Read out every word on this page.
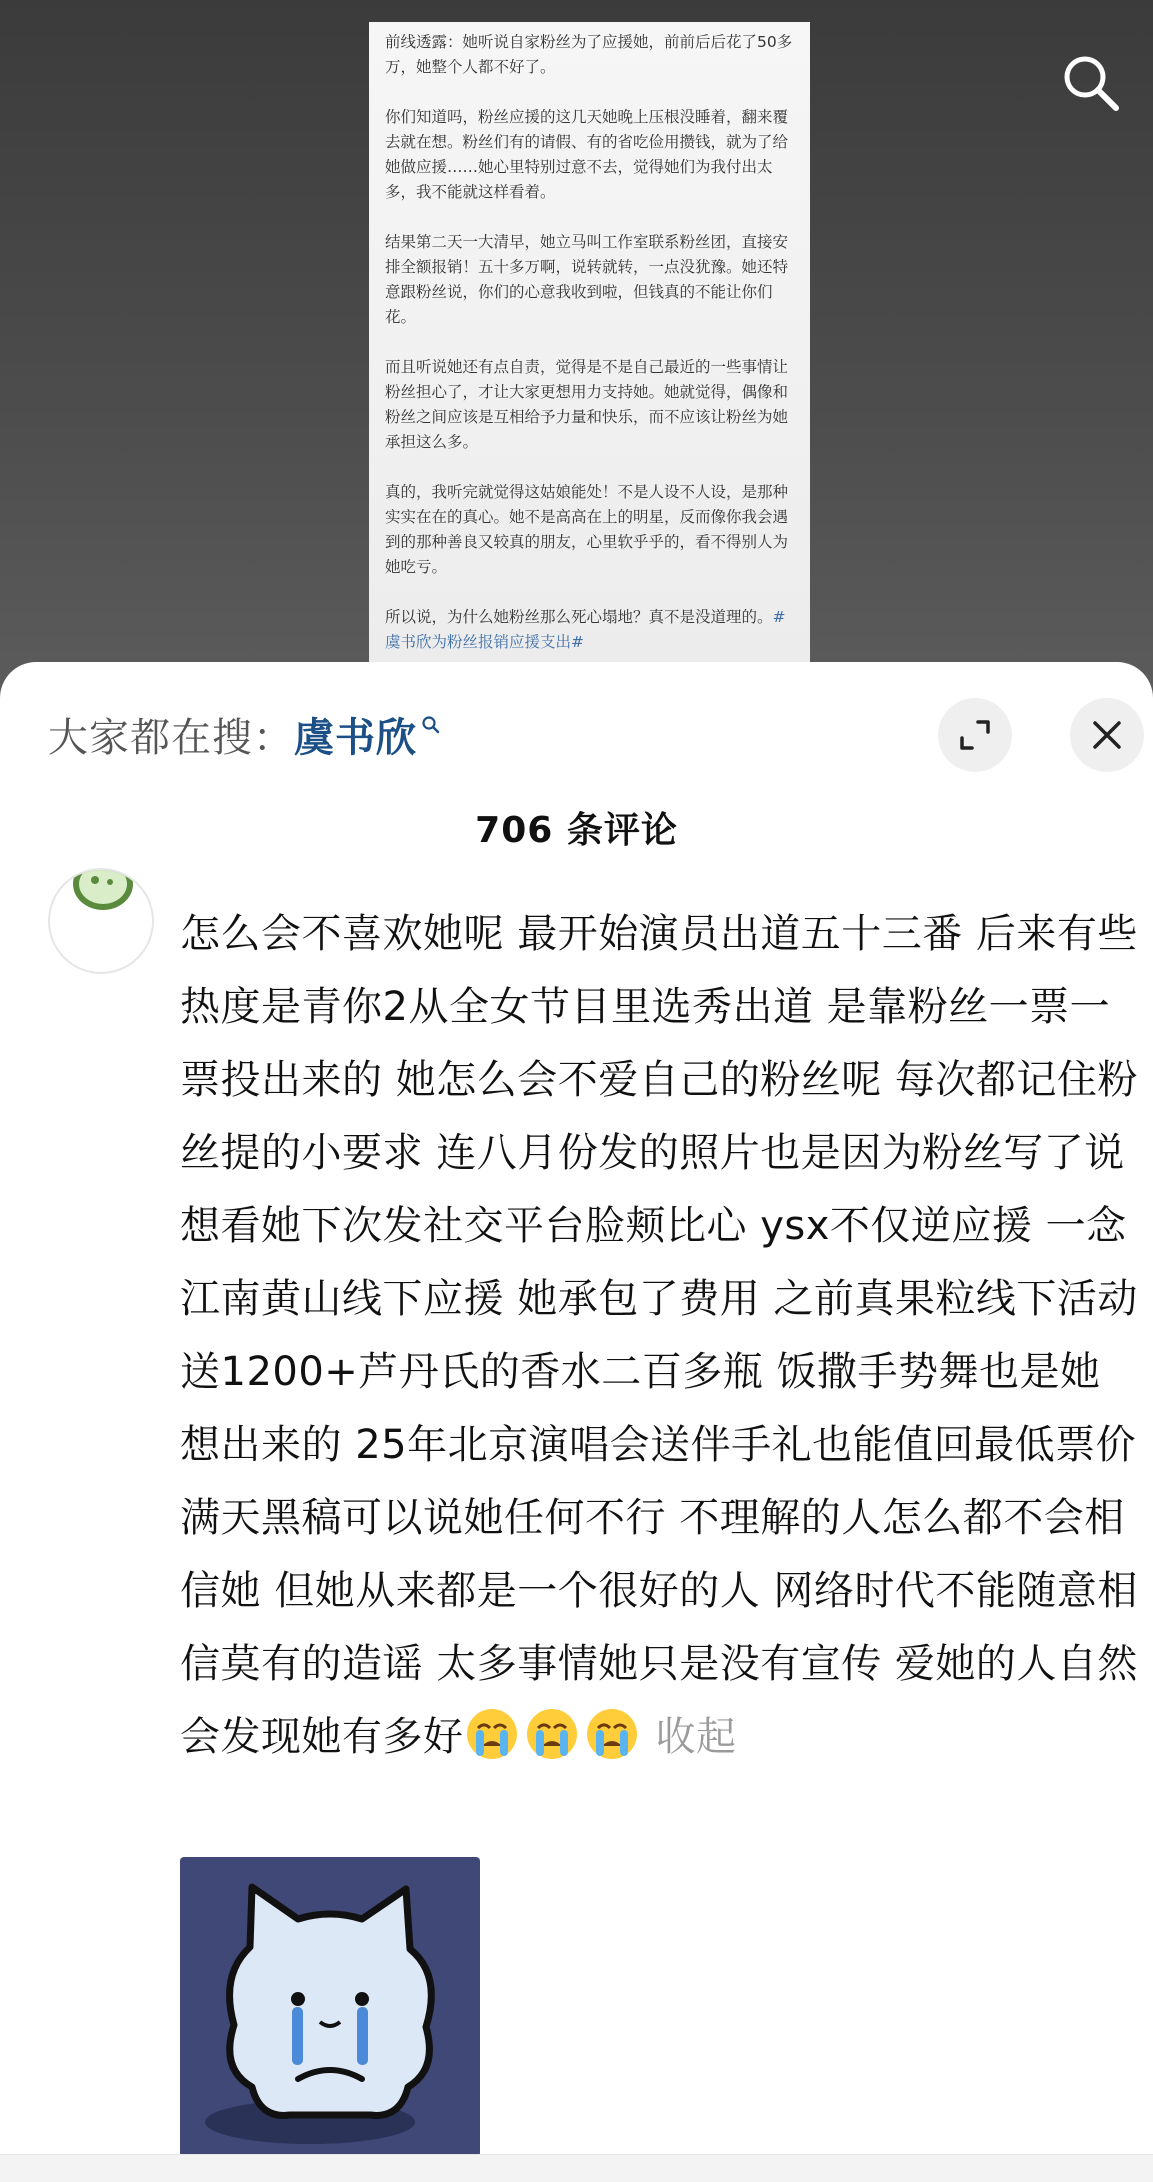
前线透露：她听说自家粉丝为了应援她，前前后后花了50多万，她整个人都不好了。

你们知道吗，粉丝应援的这几天她晚上压根没睡着，翻来覆去就在想。粉丝们有的请假、有的省吃俭用攒钱，就为了给她做应援……她心里特别过意不去，觉得她们为我付出太多，我不能就这样看着。

结果第二天一大清早，她立马叫工作室联系粉丝团，直接安排全额报销！五十多万啊，说转就转，一点没犹豫。她还特意跟粉丝说，你们的心意我收到啦，但钱真的不能让你们花。

而且听说她还有点自责，觉得是不是自己最近的一些事情让粉丝担心了，才让大家更想用力支持她。她就觉得，偶像和粉丝之间应该是互相给予力量和快乐，而不应该让粉丝为她承担这么多。

真的，我听完就觉得这姑娘能处！不是人设不人设，是那种实实在在的真心。她不是高高在上的明星，反而像你我会遇到的那种善良又较真的朋友，心里软乎乎的，看不得别人为她吃亏。

所以说，为什么她粉丝那么死心塌地？真不是没道理的。#虞书欣为粉丝报销应援支出#

大家都在搜： 虞书欣
706 条评论
怎么会不喜欢她呢 最开始演员出道五十三番 后来有些热度是青你2从全女节目里选秀出道 是靠粉丝一票一票投出来的 她怎么会不爱自己的粉丝呢 每次都记住粉丝提的小要求 连八月份发的照片也是因为粉丝写了说想看她下次发社交平台脸颊比心 ysx不仅逆应援 一念江南黄山线下应援 她承包了费用 之前真果粒线下活动送1200+芦丹氏的香水二百多瓶 饭撒手势舞也是她想出来的 25年北京演唱会送伴手礼也能值回最低票价 满天黑稿可以说她任何不行 不理解的人怎么都不会相信她 但她从来都是一个很好的人 网络时代不能随意相信莫有的造谣 太多事情她只是没有宣传 爱她的人自然会发现她有多好	收起
